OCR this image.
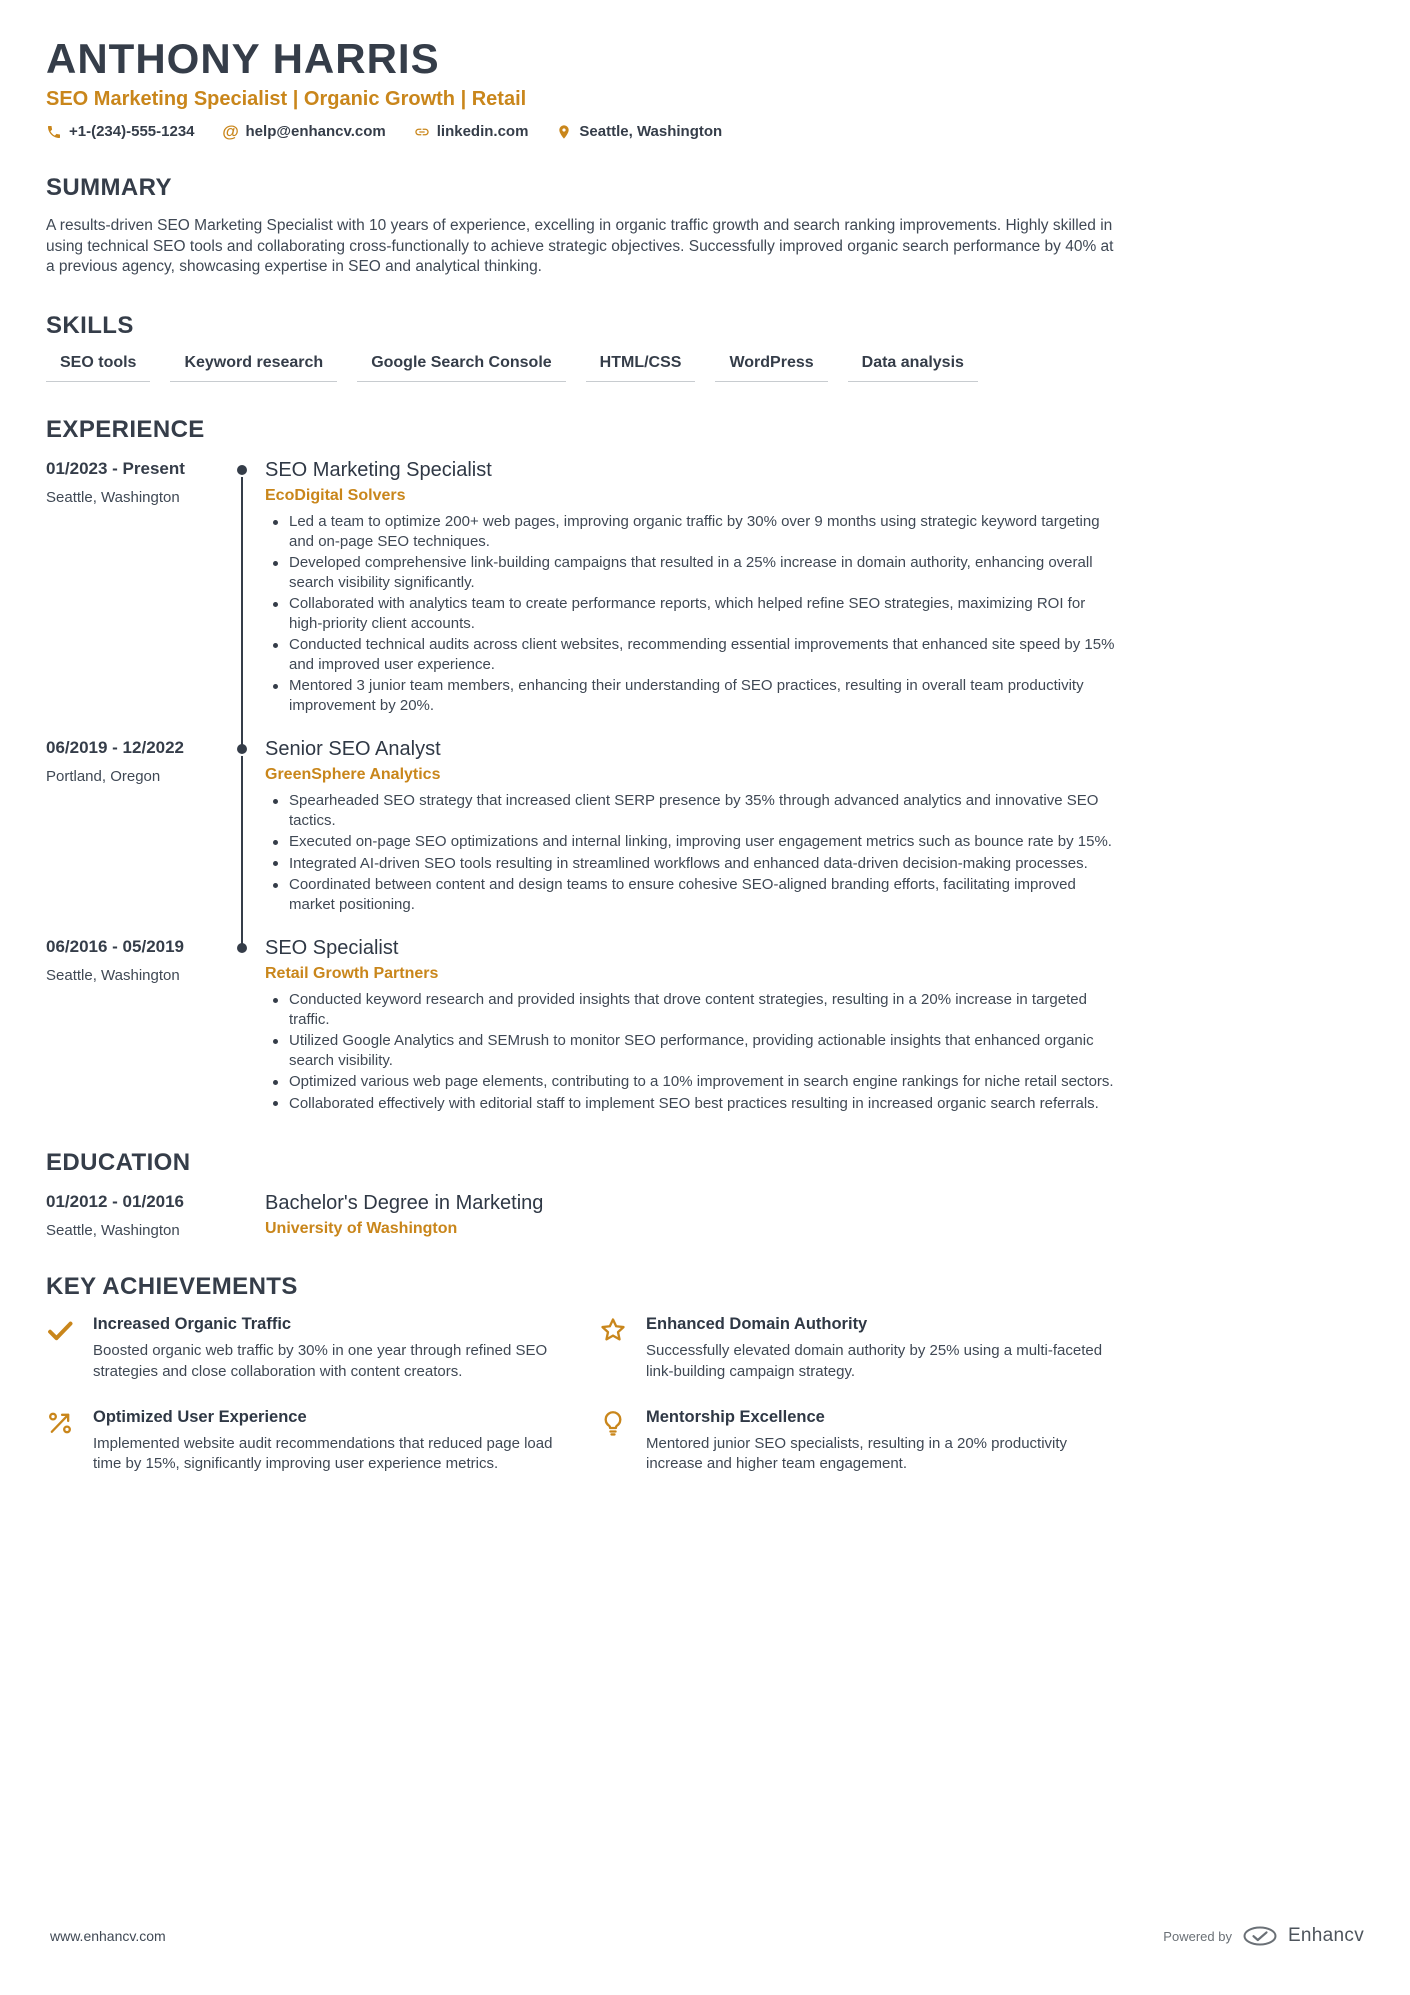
ANTHONY HARRIS
SEO Marketing Specialist | Organic Growth | Retail
+1-(234)-555-1234 @ help@enhancv.com	linkedin.com	Seattle, Washington
SUMMARY

A results-driven SEO Marketing Specialist with 10 years of experience, excelling in organic traffic growth and search ranking improvements. Highly skilled in using technical SEO tools and collaborating cross-functionally to achieve strategic objectives. Successfully improved organic search performance by 40% at a previous agency, showcasing expertise in SEO and analytical thinking.

SKILLS
SEO tools	Keyword research	Google Search Console	HTML/CSS	WordPress	Data analysis
EXPERIENCE
01/2023 - Present
Seattle, Washington
SEO Marketing Specialist
EcoDigital Solvers
Led a team to optimize 200+ web pages, improving organic traffic by 30% over 9 months using strategic keyword targeting and on-page SEO techniques.
Developed comprehensive link-building campaigns that resulted in a 25% increase in domain authority, enhancing overall search visibility significantly.
Collaborated with analytics team to create performance reports, which helped refine SEO strategies, maximizing ROI for high-priority client accounts.
Conducted technical audits across client websites, recommending essential improvements that enhanced site speed by 15% and improved user experience.
Mentored 3 junior team members, enhancing their understanding of SEO practices, resulting in overall team productivity improvement by 20%.
06/2019 - 12/2022
Portland, Oregon
Senior SEO Analyst
GreenSphere Analytics
Spearheaded SEO strategy that increased client SERP presence by 35% through advanced analytics and innovative SEO tactics.
Executed on-page SEO optimizations and internal linking, improving user engagement metrics such as bounce rate by 15%.
Integrated AI-driven SEO tools resulting in streamlined workflows and enhanced data-driven decision-making processes.
Coordinated between content and design teams to ensure cohesive SEO-aligned branding efforts, facilitating improved market positioning.
06/2016 - 05/2019
Seattle, Washington
SEO Specialist
Retail Growth Partners
Conducted keyword research and provided insights that drove content strategies, resulting in a 20% increase in targeted traffic.
Utilized Google Analytics and SEMrush to monitor SEO performance, providing actionable insights that enhanced organic search visibility.
Optimized various web page elements, contributing to a 10% improvement in search engine rankings for niche retail sectors.
Collaborated effectively with editorial staff to implement SEO best practices resulting in increased organic search referrals.
EDUCATION
01/2012 - 01/2016
Seattle, Washington
Bachelor's Degree in Marketing
University of Washington
KEY ACHIEVEMENTS
Increased Organic Traffic

Boosted organic web traffic by 30% in one year through refined SEO strategies and close collaboration with content creators.

Enhanced Domain Authority

Successfully elevated domain authority by 25% using a multi-faceted link-building campaign strategy.

Optimized User Experience

Implemented website audit recommendations that reduced page load time by 15%, significantly improving user experience metrics.

Mentorship Excellence

Mentored junior SEO specialists, resulting in a 20% productivity increase and higher team engagement.

www.enhancv.com	Powered by	Enhancv
